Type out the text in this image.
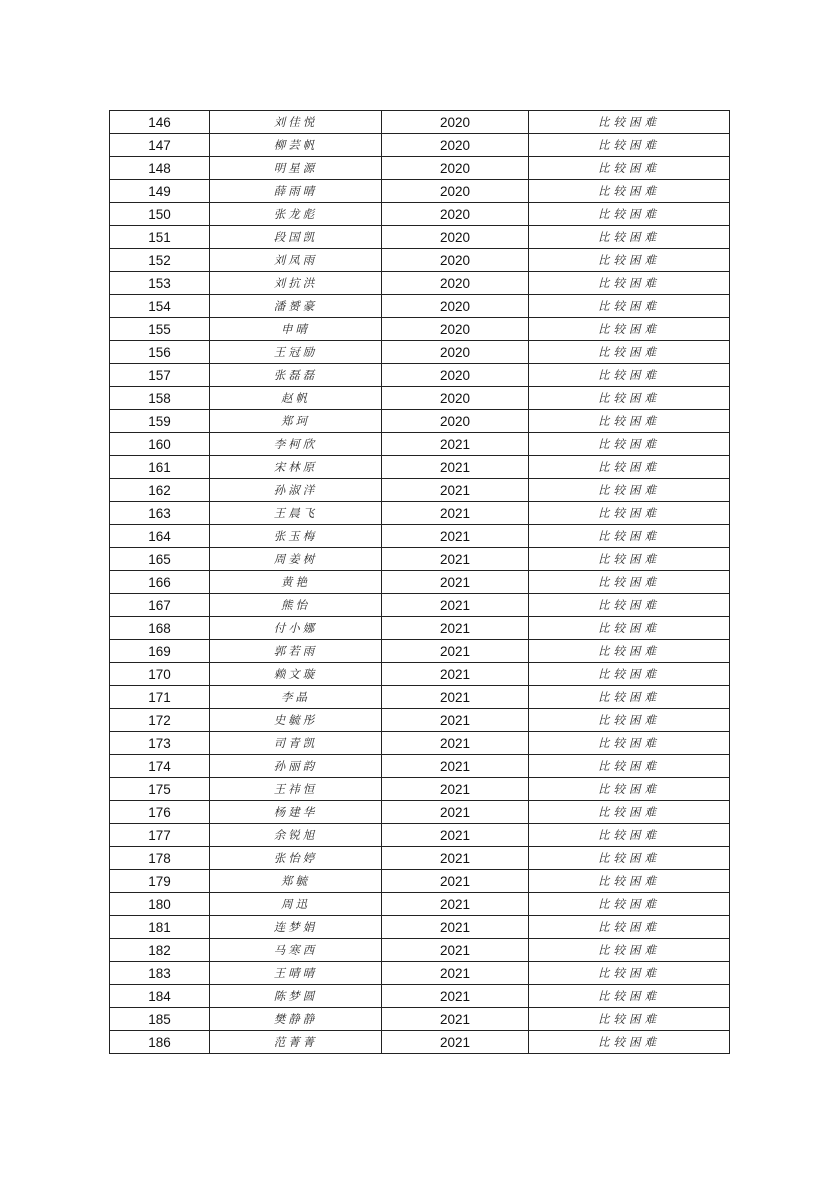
146	刘佳悦	2020	比较困难
147	柳芸帆	2020	比较困难
148	明星源	2020	比较困难
149	薛雨晴	2020	比较困难
150	张龙彪	2020	比较困难
151	段国凯	2020	比较困难
152	刘凤雨	2020	比较困难
153	刘抗洪	2020	比较困难
154	潘赟豪	2020	比较困难
155	申晴	2020	比较困难
156	王冠励	2020	比较困难
157	张磊磊	2020	比较困难
158	赵帆	2020	比较困难
159	郑珂	2020	比较困难
160	李柯欣	2021	比较困难
161	宋林原	2021	比较困难
162	孙淑洋	2021	比较困难
163	王晨飞	2021	比较困难
164	张玉梅	2021	比较困难
165	周姜树	2021	比较困难
166	黄艳	2021	比较困难
167	熊怡	2021	比较困难
168	付小娜	2021	比较困难
169	郭若雨	2021	比较困难
170	赖文璇	2021	比较困难
171	李晶	2021	比较困难
172	史毓彤	2021	比较困难
173	司青凯	2021	比较困难
174	孙丽韵	2021	比较困难
175	王祎恒	2021	比较困难
176	杨建华	2021	比较困难
177	余锐旭	2021	比较困难
178	张怡婷	2021	比较困难
179	郑毓	2021	比较困难
180	周迅	2021	比较困难
181	连梦娟	2021	比较困难
182	马寒西	2021	比较困难
183	王晴晴	2021	比较困难
184	陈梦圆	2021	比较困难
185	樊静静	2021	比较困难
186	范菁菁	2021	比较困难
